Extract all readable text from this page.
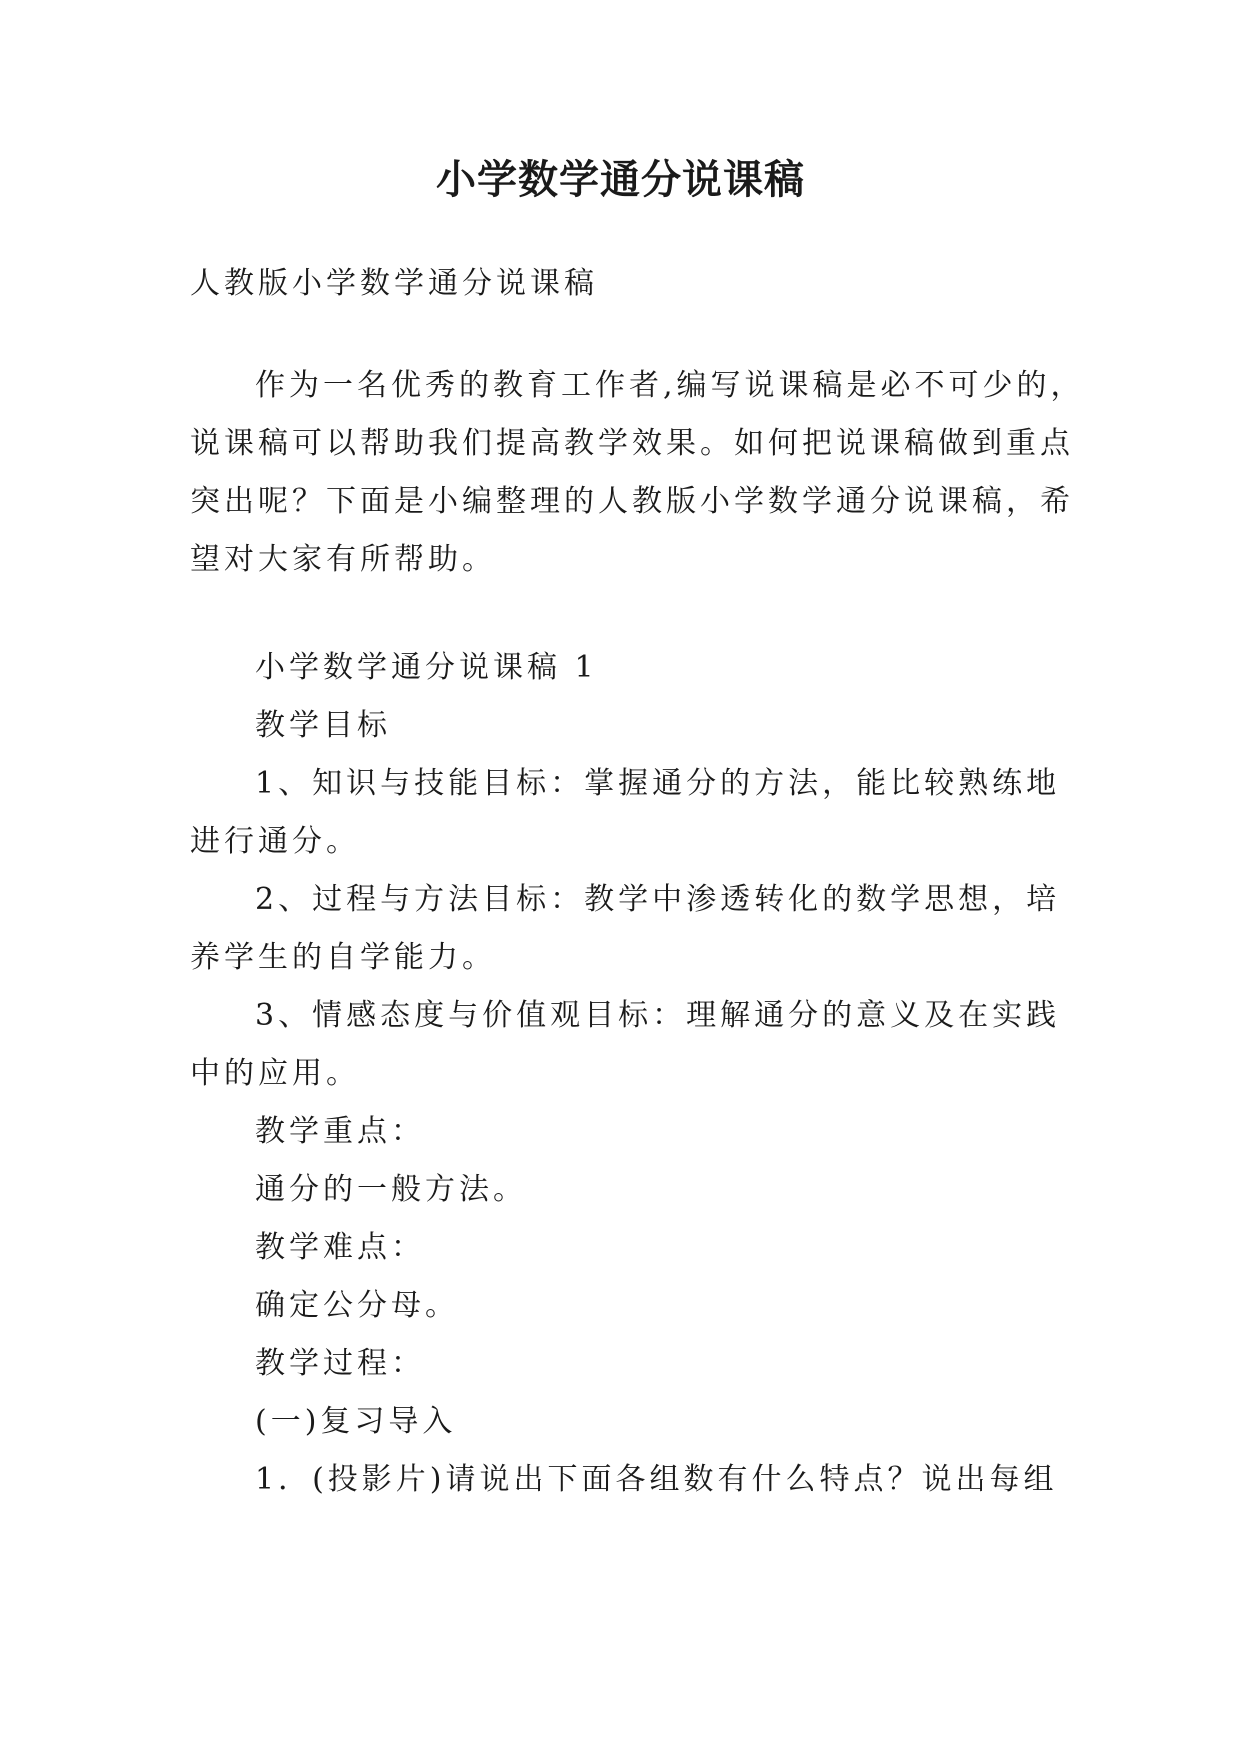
小学数学通分说课稿

人教版小学数学通分说课稿

作为一名优秀的教育工作者,编写说课稿是必不可少的，

说课稿可以帮助我们提高教学效果。如何把说课稿做到重点

突出呢？下面是小编整理的人教版小学数学通分说课稿，希

望对大家有所帮助。

小学数学通分说课稿 1

教学目标

1、知识与技能目标：掌握通分的方法，能比较熟练地

进行通分。

2、过程与方法目标：教学中渗透转化的数学思想，培

养学生的自学能力。

3、情感态度与价值观目标：理解通分的意义及在实践

中的应用。

教学重点：

通分的一般方法。

教学难点：

确定公分母。

教学过程：

(一)复习导入

1．(投影片)请说出下面各组数有什么特点？说出每组
